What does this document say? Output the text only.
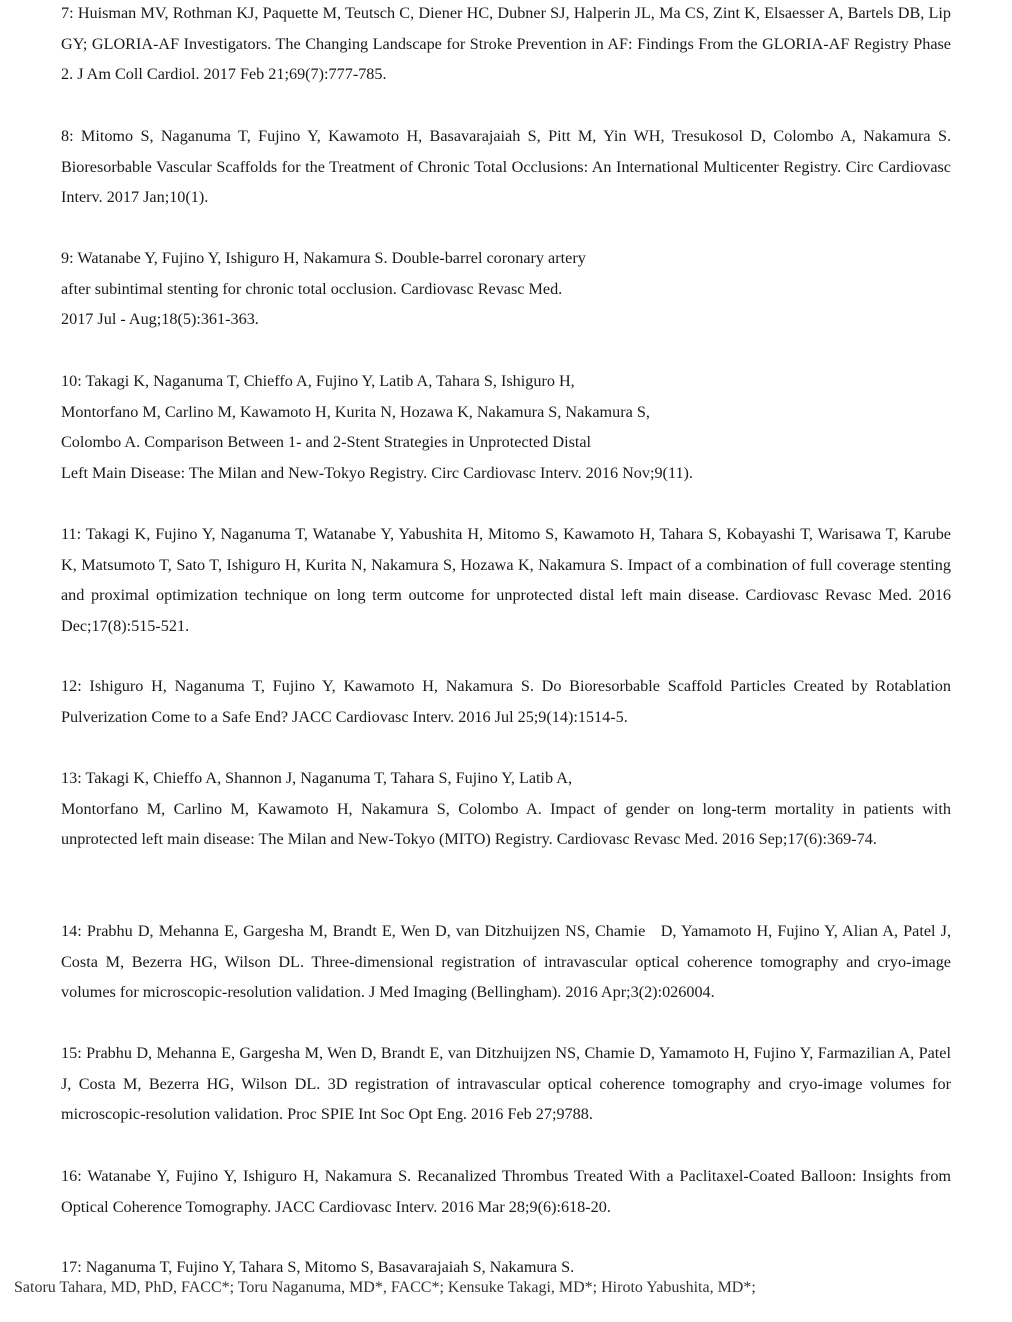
7: Huisman MV, Rothman KJ, Paquette M, Teutsch C, Diener HC, Dubner SJ, Halperin JL, Ma CS, Zint K, Elsaesser A, Bartels DB, Lip GY; GLORIA-AF Investigators. The Changing Landscape for Stroke Prevention in AF: Findings From the GLORIA-AF Registry Phase 2. J Am Coll Cardiol. 2017 Feb 21;69(7):777-785.

8: Mitomo S, Naganuma T, Fujino Y, Kawamoto H, Basavarajaiah S, Pitt M, Yin WH, Tresukosol D, Colombo A, Nakamura S. Bioresorbable Vascular Scaffolds for the Treatment of Chronic Total Occlusions: An International Multicenter Registry. Circ Cardiovasc Interv. 2017 Jan;10(1).

9: Watanabe Y, Fujino Y, Ishiguro H, Nakamura S. Double-barrel coronary artery
after subintimal stenting for chronic total occlusion. Cardiovasc Revasc Med.
2017 Jul - Aug;18(5):361-363.
10: Takagi K, Naganuma T, Chieffo A, Fujino Y, Latib A, Tahara S, Ishiguro H,
Montorfano M, Carlino M, Kawamoto H, Kurita N, Hozawa K, Nakamura S, Nakamura S,
Colombo A. Comparison Between 1- and 2-Stent Strategies in Unprotected Distal
Left Main Disease: The Milan and New-Tokyo Registry. Circ Cardiovasc Interv. 2016 Nov;9(11).

11: Takagi K, Fujino Y, Naganuma T, Watanabe Y, Yabushita H, Mitomo S, Kawamoto H, Tahara S, Kobayashi T, Warisawa T, Karube K, Matsumoto T, Sato T, Ishiguro H, Kurita N, Nakamura S, Hozawa K, Nakamura S. Impact of a combination of full coverage stenting and proximal optimization technique on long term outcome for unprotected distal left main disease. Cardiovasc Revasc Med. 2016 Dec;17(8):515-521.

12: Ishiguro H, Naganuma T, Fujino Y, Kawamoto H, Nakamura S. Do Bioresorbable Scaffold Particles Created by Rotablation Pulverization Come to a Safe End? JACC Cardiovasc Interv. 2016 Jul 25;9(14):1514-5.

13: Takagi K, Chieffo A, Shannon J, Naganuma T, Tahara S, Fujino Y, Latib A,
Montorfano M, Carlino M, Kawamoto H, Nakamura S, Colombo A. Impact of gender on long-term mortality in patients with unprotected left main disease: The Milan and New-Tokyo (MITO) Registry. Cardiovasc Revasc Med. 2016 Sep;17(6):369-74.

14: Prabhu D, Mehanna E, Gargesha M, Brandt E, Wen D, van Ditzhuijzen NS, Chamie   D, Yamamoto H, Fujino Y, Alian A, Patel J, Costa M, Bezerra HG, Wilson DL. Three-dimensional registration of intravascular optical coherence tomography and cryo-image volumes for microscopic-resolution validation. J Med Imaging (Bellingham). 2016 Apr;3(2):026004.

15: Prabhu D, Mehanna E, Gargesha M, Wen D, Brandt E, van Ditzhuijzen NS, Chamie D, Yamamoto H, Fujino Y, Farmazilian A, Patel J, Costa M, Bezerra HG, Wilson DL. 3D registration of intravascular optical coherence tomography and cryo-image volumes for microscopic-resolution validation. Proc SPIE Int Soc Opt Eng. 2016 Feb 27;9788.

16: Watanabe Y, Fujino Y, Ishiguro H, Nakamura S. Recanalized Thrombus Treated With a Paclitaxel-Coated Balloon: Insights from Optical Coherence Tomography. JACC Cardiovasc Interv. 2016 Mar 28;9(6):618-20.

17: Naganuma T, Fujino Y, Tahara S, Mitomo S, Basavarajaiah S, Nakamura S.

Satoru Tahara, MD, PhD, FACC*; Toru Naganuma, MD*, FACC*; Kensuke Takagi, MD*; Hiroto Yabushita, MD*;
